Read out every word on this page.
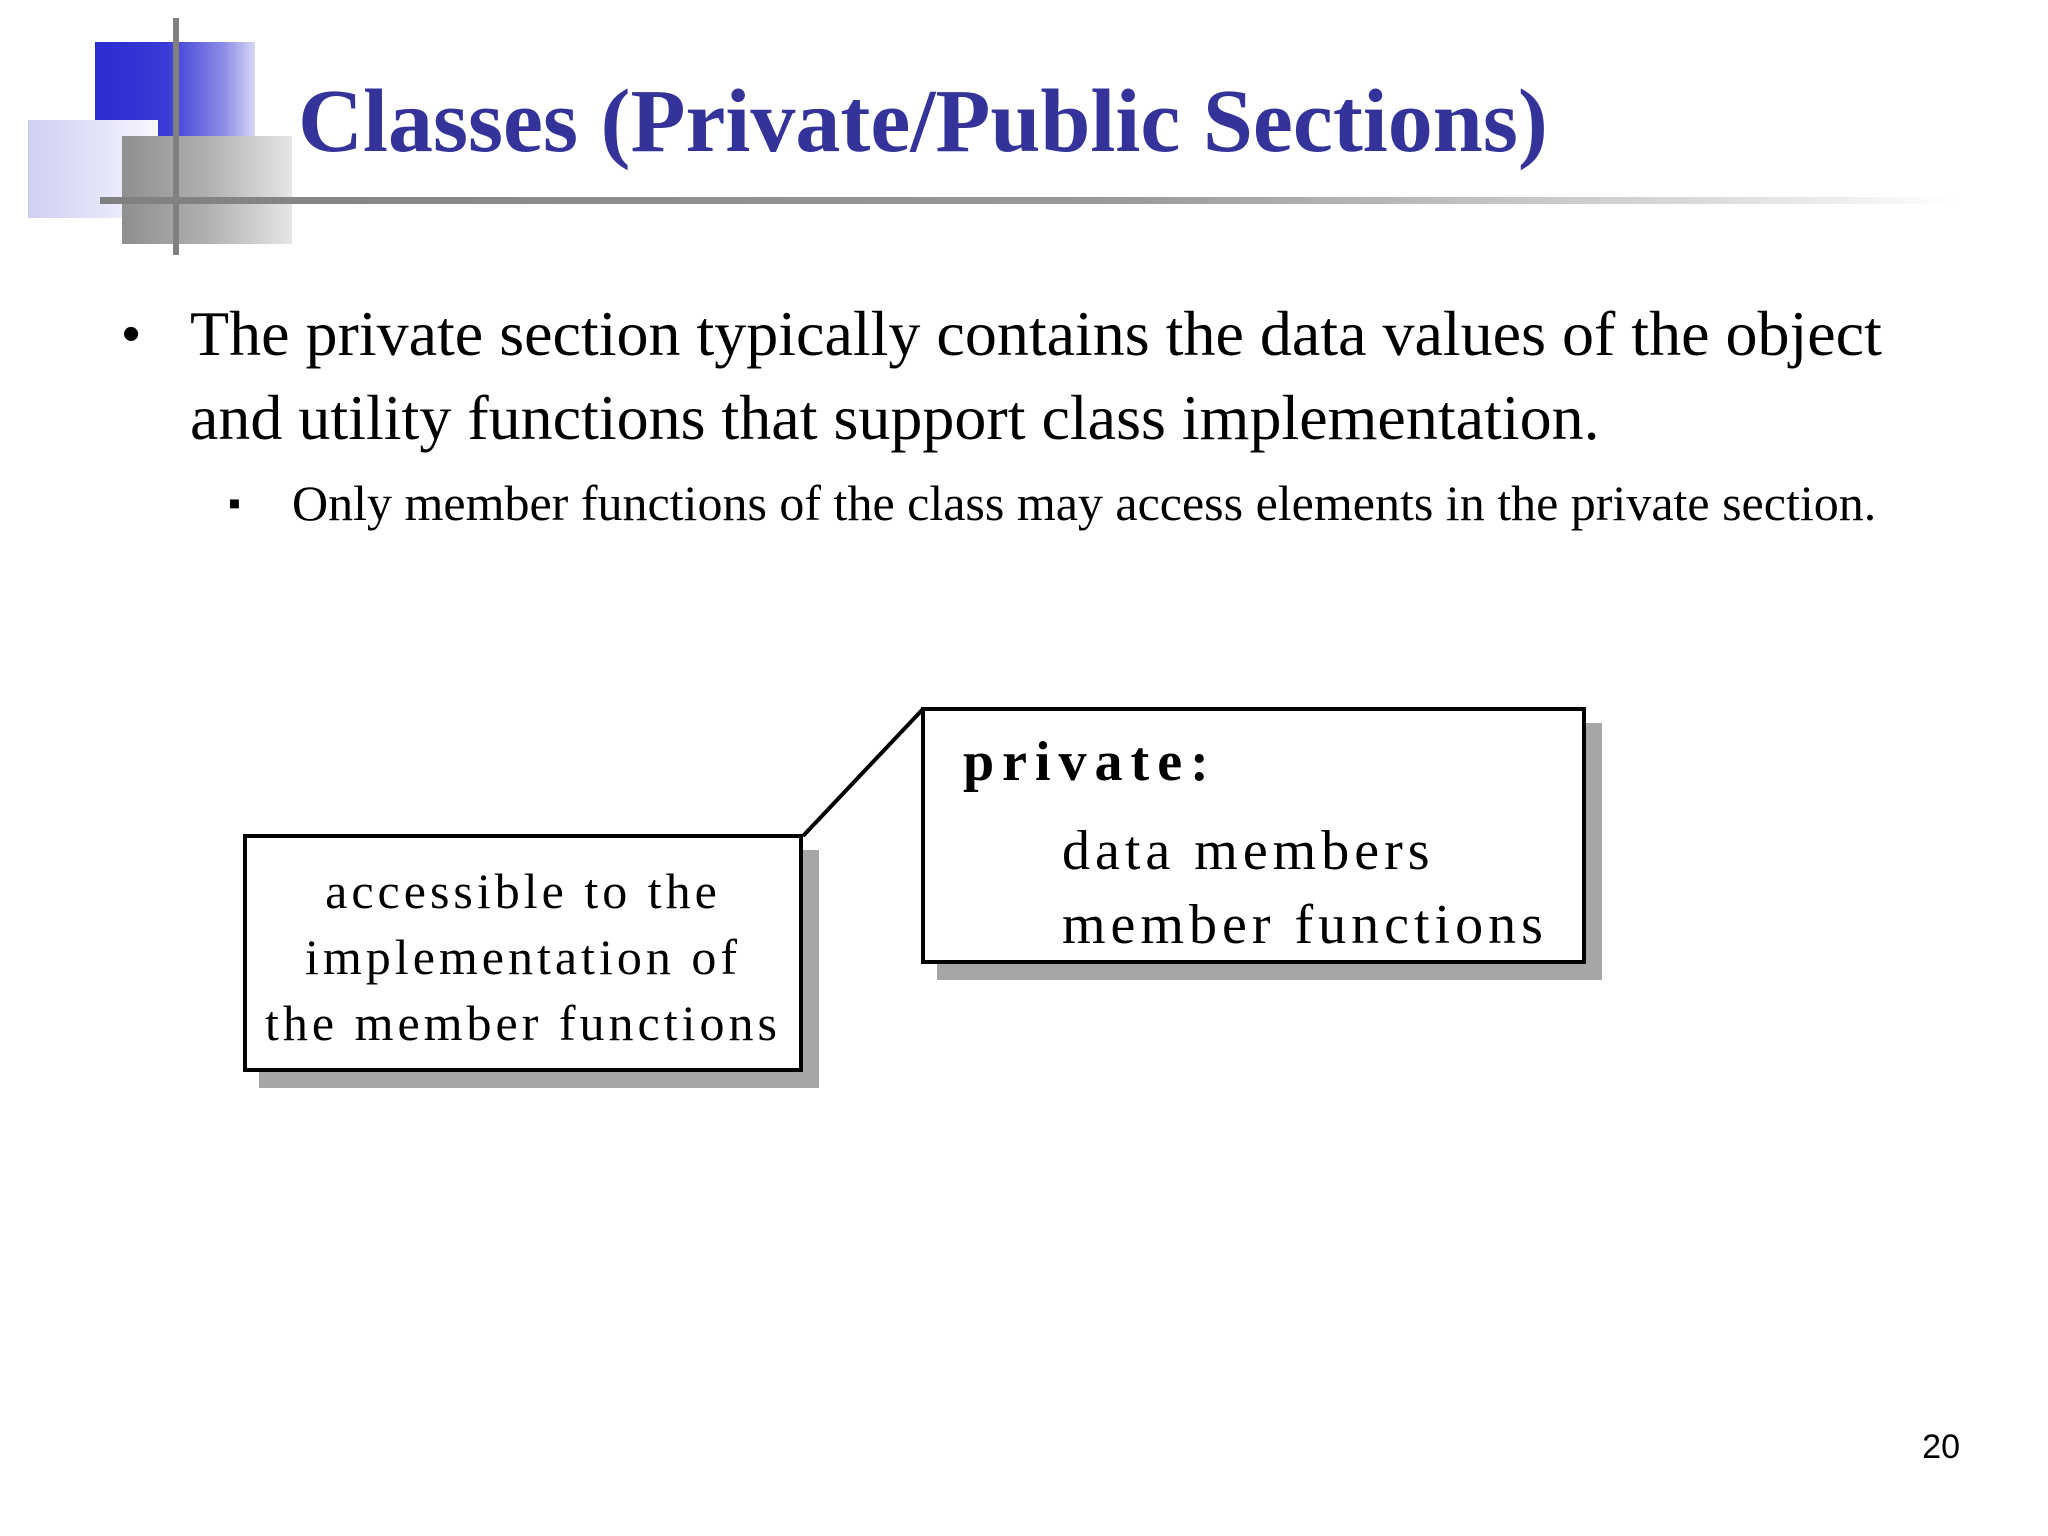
Classes (Private/Public Sections)
• The private section typically contains the data values of the object and utility functions that support class implementation.
▪ Only member functions of the class may access elements in the private section.
accessible to the
implementation of
the member functions
private:
data members
member functions
20
